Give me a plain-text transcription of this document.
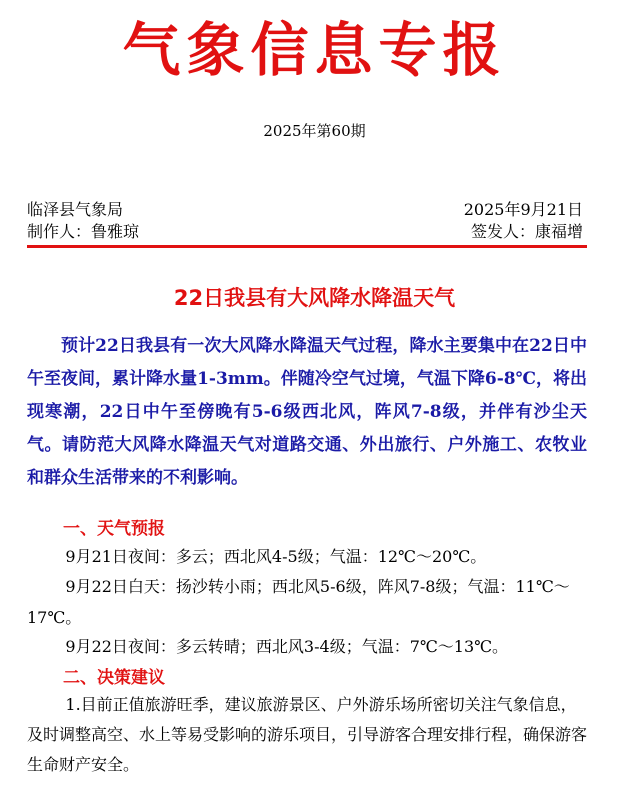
气象信息专报
2025年第60期
临泽县气象局	2025年9月21日
制作人：鲁雅琼	签发人：康福增
22日我县有大风降水降温天气
预计22日我县有一次大风降水降温天气过程，降水主要集中在22日中午至夜间，累计降水量1-3mm。伴随冷空气过境，气温下降6-8℃，将出现寒潮，22日中午至傍晚有5-6级西北风，阵风7-8级，并伴有沙尘天气。请防范大风降水降温天气对道路交通、外出旅行、户外施工、农牧业和群众生活带来的不利影响。
一、天气预报
9月21日夜间：多云；西北风4-5级；气温：12℃～20℃。
9月22日白天：扬沙转小雨；西北风5-6级，阵风7-8级；气温：11℃～17℃。
9月22日夜间：多云转晴；西北风3-4级；气温：7℃～13℃。
二、决策建议
1.目前正值旅游旺季，建议旅游景区、户外游乐场所密切关注气象信息，及时调整高空、水上等易受影响的游乐项目，引导游客合理安排行程，确保游客生命财产安全。
